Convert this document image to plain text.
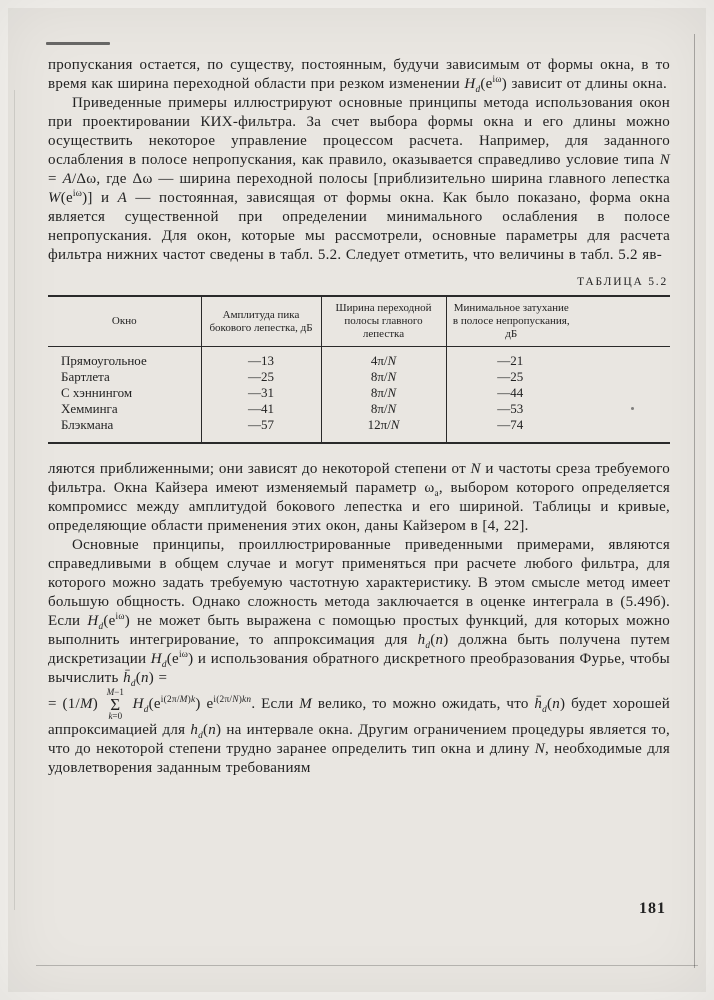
пропускания остается, по существу, постоянным, будучи зависимым от формы окна, в то время как ширина переходной области при резком изменении $H_d(e^{i\omega})$ зависит от длины окна.

Приведенные примеры иллюстрируют основные принципы метода использования окон при проектировании КИХ-фильтра. За счет выбора формы окна и его длины можно осуществить некоторое управление процессом расчета. Например, для заданного ослабления в полосе непропускания, как правило, оказывается справедливо условие типа N = A/Δω, где Δω — ширина переходной полосы [приблизительно ширина главного лепестка $W(e^{i\omega})$] и A — постоянная, зависящая от формы окна. Как было показано, форма окна является существенной при определении минимального ослабления в полосе непропускания. Для окон, которые мы рассмотрели, основные параметры для расчета фильтра нижних частот сведены в табл. 5.2. Следует отметить, что величины в табл. 5.2 яв-

ТАБЛИЦА 5.2
Окно	Амплитуда пика бокового лепестка, дБ	Ширина переходной полосы главного лепестка	Минимальное затухание в полосе непропускания, дБ
Прямоугольное	—13	4π/N	—21
Бартлета	—25	8π/N	—25
С хэннингом	—31	8π/N	—44
Хемминга	—41	8π/N	—53
Блэкмана	—57	12π/N	—74

ляются приближенными; они зависят до некоторой степени от N и частоты среза требуемого фильтра. Окна Кайзера имеют изменяемый параметр $\omega_a$, выбором которого определяется компромисс между амплитудой бокового лепестка и его шириной. Таблицы и кривые, определяющие области применения этих окон, даны Кайзером в [4, 22].

Основные принципы, проиллюстрированные приведенными примерами, являются справедливыми в общем случае и могут применяться при расчете любого фильтра, для которого можно задать требуемую частотную характеристику. В этом смысле метод имеет большую общность. Однако сложность метода заключается в оценке интеграла в (5.49б). Если $H_d(e^{i\omega})$ не может быть выражена с помощью простых функций, для которых можно выполнить интегрирование, то аппроксимация для $h_d(n)$ должна быть получена путем дискретизации $H_d(e^{i\omega})$ и использования обратного дискретного преобразования Фурье, чтобы вычислить $h̄_d(n)$ =

= (1/M)
M−1
Σ
k=0
$H_d(e^{i(2\pi/M)k})$ $e^{i(2\pi/N)kn}$. Если M велико, то можно ожидать, что $h̄_d(n)$ будет хорошей аппроксимацией для $h_d(n)$ на интервале окна. Другим ограничением процедуры является то, что до некоторой степени трудно заранее определить тип окна и длину N, необходимые для удовлетворения заданным требованиям

181
